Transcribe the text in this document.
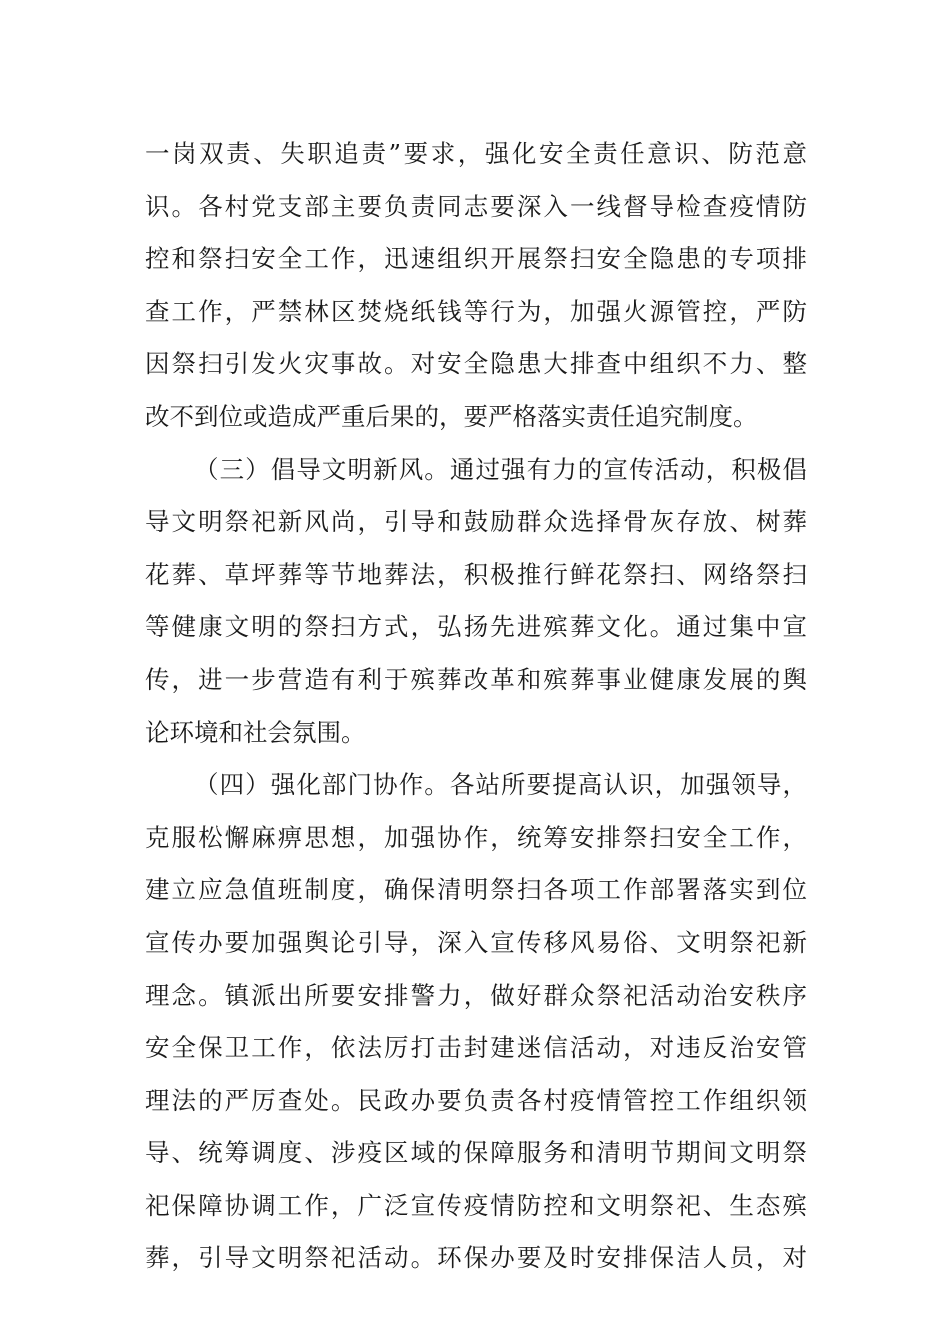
一岗双责、失职追责”要求，强化安全责任意识、防范意
识。各村党支部主要负责同志要深入一线督导检查疫情防
控和祭扫安全工作，迅速组织开展祭扫安全隐患的专项排
查工作，严禁林区焚烧纸钱等行为，加强火源管控，严防
因祭扫引发火灾事故。对安全隐患大排查中组织不力、整
改不到位或造成严重后果的，要严格落实责任追究制度。
（三）倡导文明新风。通过强有力的宣传活动，积极倡
导文明祭祀新风尚，引导和鼓励群众选择骨灰存放、树葬
花葬、草坪葬等节地葬法，积极推行鲜花祭扫、网络祭扫
等健康文明的祭扫方式，弘扬先进殡葬文化。通过集中宣
传，进一步营造有利于殡葬改革和殡葬事业健康发展的舆
论环境和社会氛围。
（四）强化部门协作。各站所要提高认识，加强领导，
克服松懈麻痹思想，加强协作，统筹安排祭扫安全工作，
建立应急值班制度，确保清明祭扫各项工作部署落实到位
宣传办要加强舆论引导，深入宣传移风易俗、文明祭祀新
理念。镇派出所要安排警力，做好群众祭祀活动治安秩序
安全保卫工作，依法厉打击封建迷信活动，对违反治安管
理法的严厉查处。民政办要负责各村疫情管控工作组织领
导、统筹调度、涉疫区域的保障服务和清明节期间文明祭
祀保障协调工作，广泛宣传疫情防控和文明祭祀、生态殡
葬，引导文明祭祀活动。环保办要及时安排保洁人员，对
